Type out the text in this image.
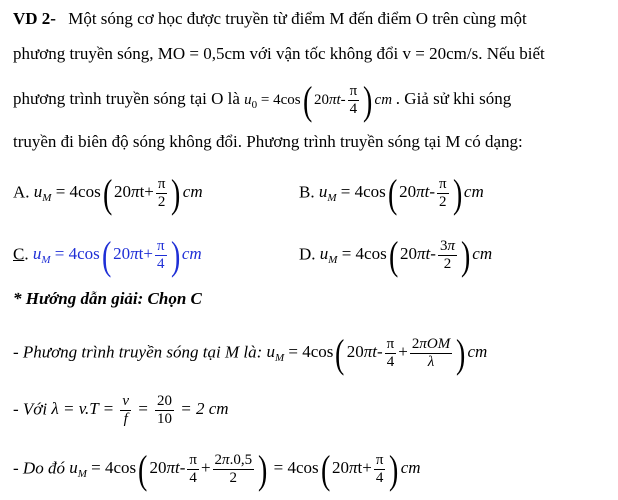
VD 2- Một sóng cơ học được truyền từ điểm M đến điểm O trên cùng một
phương truyền sóng, MO = 0,5cm với vận tốc không đổi v = 20cm/s. Nếu biết
phương trình truyền sóng tại O là $u_0 = 4\cos$( $20\pi t- \frac{\pi}{4}$ ) cm . Giả sử khi sóng
truyền đi biên độ sóng không đổi. Phương trình truyền sóng tại M có dạng:
A. $u_M = 4\cos$( $20\pi t+ \frac{\pi}{2}$ ) cm	B. $u_M = 4\cos$( $20\pi t- \frac{\pi}{2}$ ) cm
C. $u_M = 4\cos$( $20\pi t+ \frac{\pi}{4}$ ) cm	D. $u_M = 4\cos$( $20\pi t- \frac{3\pi}{2}$ ) cm
* Hướng dẫn giải: Chọn C
- Phương trình truyền sóng tại M là: $u_M = 4\cos$( $20\pi t- \frac{\pi}{4} + \frac{\text{2πOM}}{\lambda}$ ) cm
- Với $\lambda = v.T = \frac{v}{f} = \frac{20}{10} = 2$ cm
- Do đó $u_M = 4\cos$( $20\pi t- \frac{\pi}{4} + \frac{2\pi.0,5}{2}$ ) = 4cos( $20\pi t+ \frac{\pi}{4}$ ) cm
